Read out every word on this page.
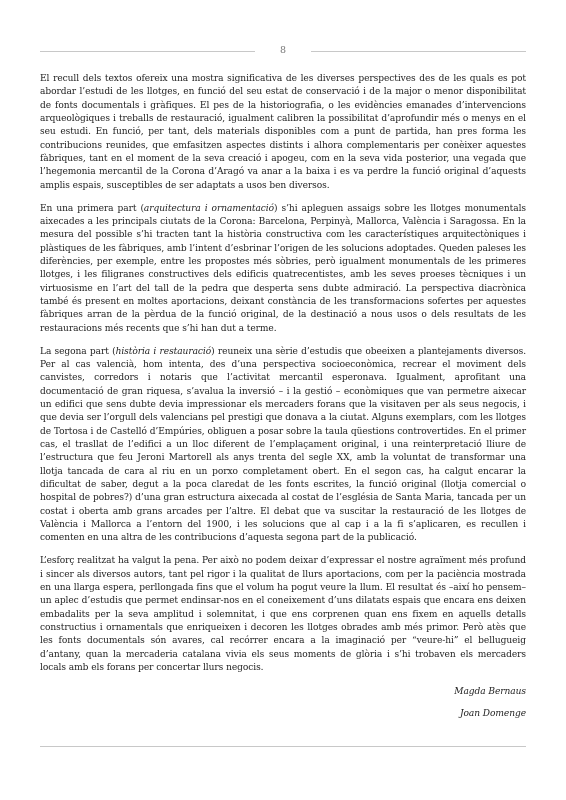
8

El recull dels textos ofereix una mostra significativa de les diverses perspectives des de les quals es pot abordar l’estudi de les llotges, en funció del seu estat de conservació i de la major o menor disponibilitat de fonts documentals i gràfiques. El pes de la historiografia, o les evidències emanades d’intervencions arqueològiques i treballs de restauració, igualment calibren la possibilitat d’aprofundir més o menys en el seu estudi. En funció, per tant, dels materials disponibles com a punt de partida, han pres forma les contribucions reunides, que emfasitzen aspectes distints i alhora complementaris per conèixer aquestes fàbriques, tant en el moment de la seva creació i apogeu, com en la seva vida posterior, una vegada que l’hegemonia mercantil de la Corona d’Aragó va anar a la baixa i es va perdre la funció original d’aquests amplis espais, susceptibles de ser adaptats a usos ben diversos.

En una primera part (arquitectura i ornamentació) s’hi apleguen assaigs sobre les llotges monumentals aixecades a les principals ciutats de la Corona: Barcelona, Perpinyà, Mallorca, València i Saragossa. En la mesura del possible s’hi tracten tant la història constructiva com les característiques arquitectòniques i plàstiques de les fàbriques, amb l’intent d’esbrinar l’origen de les solucions adoptades. Queden paleses les diferències, per exemple, entre les propostes més sòbries, però igualment monumentals de les primeres llotges, i les filigranes constructives dels edificis quatrecentistes, amb les seves proeses tècniques i un virtuosisme en l’art del tall de la pedra que desperta sens dubte admiració. La perspectiva diacrònica també és present en moltes aportacions, deixant constància de les transformacions sofertes per aquestes fàbriques arran de la pèrdua de la funció original, de la destinació a nous usos o dels resultats de les restauracions més recents que s’hi han dut a terme.

La segona part (història i restauració) reuneix una sèrie d’estudis que obeeixen a plantejaments diversos. Per al cas valencià, hom intenta, des d’una perspectiva socioeconòmica, recrear el moviment dels canvistes, corredors i notaris que l’activitat mercantil esperonava. Igualment, aprofitant una documentació de gran riquesa, s’avalua la inversió – i la gestió – econòmiques que van permetre aixecar un edifici que sens dubte devia impressionar els mercaders forans que la visitaven per als seus negocis, i que devia ser l’orgull dels valencians pel prestigi que donava a la ciutat. Alguns exemplars, com les llotges de Tortosa i de Castelló d’Empúries, obliguen a posar sobre la taula qüestions controvertides. En el primer cas, el trasllat de l’edifici a un lloc diferent de l’emplaçament original, i una reinterpretació lliure de l’estructura que feu Jeroni Martorell als anys trenta del segle XX, amb la voluntat de transformar una llotja tancada de cara al riu en un porxo completament obert. En el segon cas, ha calgut encarar la dificultat de saber, degut a la poca claredat de les fonts escrites, la funció original (llotja comercial o hospital de pobres?) d’una gran estructura aixecada al costat de l’església de Santa Maria, tancada per un costat i oberta amb grans arcades per l’altre. El debat que va suscitar la restauració de les llotges de València i Mallorca a l’entorn del 1900, i les solucions que al cap i a la fi s’aplicaren, es recullen i comenten en una altra de les contribucions d’aquesta segona part de la publicació.

L’esforç realitzat ha valgut la pena. Per això no podem deixar d’expressar el nostre agraïment més profund i sincer als diversos autors, tant pel rigor i la qualitat de llurs aportacions, com per la paciència mostrada en una llarga espera, perllongada fins que el volum ha pogut veure la llum. El resultat és –així ho pensem– un aplec d’estudis que permet endinsar-nos en el coneixement d’uns dilatats espais que encara ens deixen embadalits per la seva amplitud i solemnitat, i que ens corprenen quan ens fixem en aquells detalls constructius i ornamentals que enriqueixen i decoren les llotges obrades amb més primor. Però atès que les fonts documentals són avares, cal recórrer encara a la imaginació per “veure-hi” el bellugueig d’antany, quan la mercaderia catalana vivia els seus moments de glòria i s’hi trobaven els mercaders locals amb els forans per concertar llurs negocis.

Magda Bernaus

Joan Domenge
